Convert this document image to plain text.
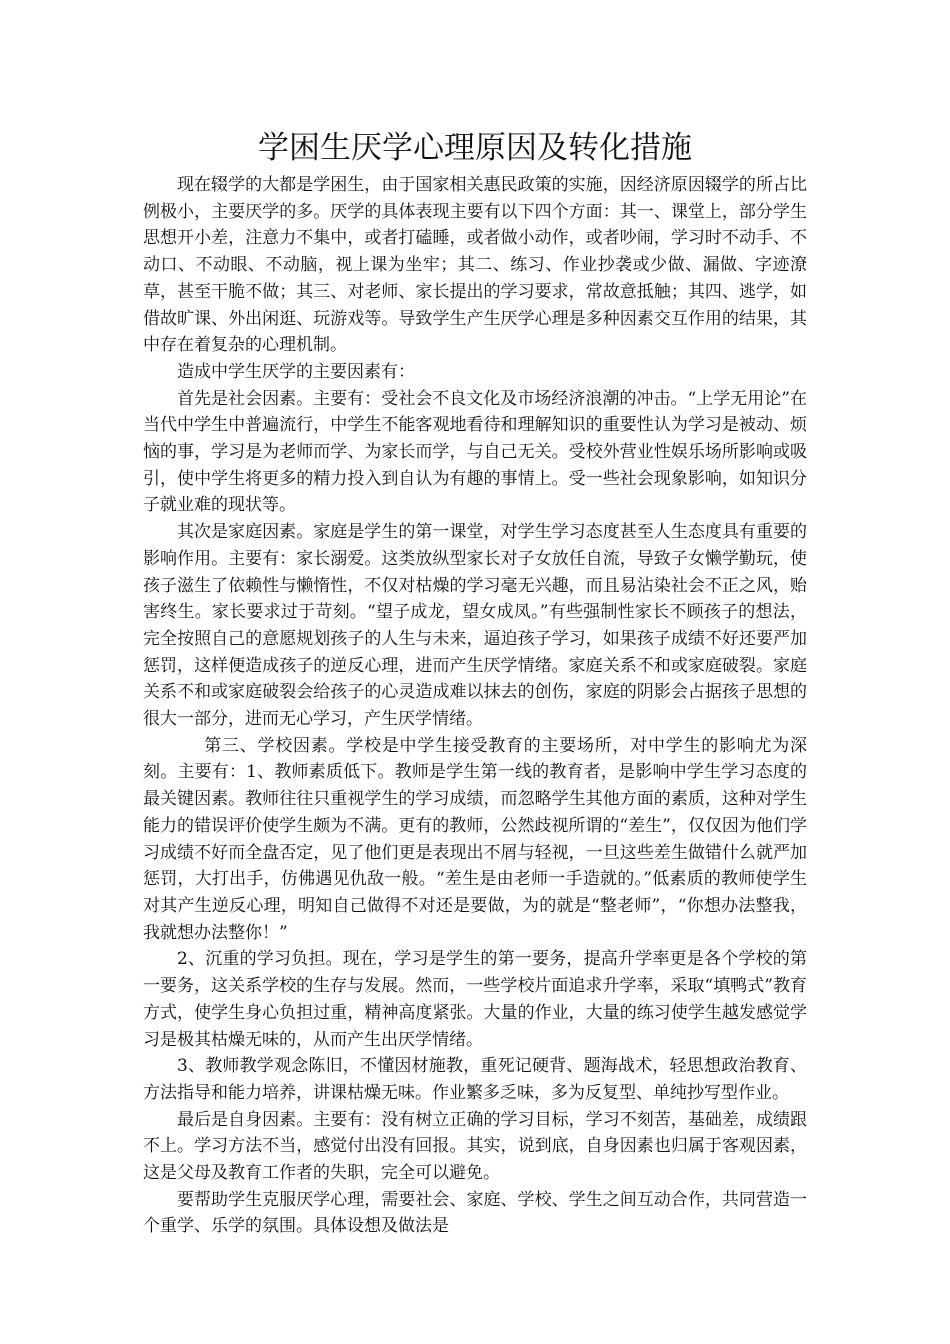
学困生厌学心理原因及转化措施

现在辍学的大都是学困生，由于国家相关惠民政策的实施，因经济原因辍学的所占比例极小，主要厌学的多。厌学的具体表现主要有以下四个方面：其一、课堂上，部分学生思想开小差，注意力不集中，或者打磕睡，或者做小动作，或者吵闹，学习时不动手、不动口、不动眼、不动脑，视上课为坐牢；其二、练习、作业抄袭或少做、漏做、字迹潦草，甚至干脆不做；其三、对老师、家长提出的学习要求，常故意抵触；其四、逃学，如借故旷课、外出闲逛、玩游戏等。导致学生产生厌学心理是多种因素交互作用的结果，其中存在着复杂的心理机制。

造成中学生厌学的主要因素有：

首先是社会因素。主要有：受社会不良文化及市场经济浪潮的冲击。“上学无用论”在当代中学生中普遍流行，中学生不能客观地看待和理解知识的重要性认为学习是被动、烦恼的事，学习是为老师而学、为家长而学，与自己无关。受校外营业性娱乐场所影响或吸引，使中学生将更多的精力投入到自认为有趣的事情上。受一些社会现象影响，如知识分子就业难的现状等。

其次是家庭因素。家庭是学生的第一课堂，对学生学习态度甚至人生态度具有重要的影响作用。主要有：家长溺爱。这类放纵型家长对子女放任自流，导致子女懒学勤玩，使孩子滋生了依赖性与懒惰性，不仅对枯燥的学习毫无兴趣，而且易沾染社会不正之风，贻害终生。家长要求过于苛刻。“望子成龙，望女成凤。”有些强制性家长不顾孩子的想法，完全按照自己的意愿规划孩子的人生与未来，逼迫孩子学习，如果孩子成绩不好还要严加惩罚，这样便造成孩子的逆反心理，进而产生厌学情绪。家庭关系不和或家庭破裂。家庭关系不和或家庭破裂会给孩子的心灵造成难以抹去的创伤，家庭的阴影会占据孩子思想的很大一部分，进而无心学习，产生厌学情绪。

第三、学校因素。学校是中学生接受教育的主要场所，对中学生的影响尤为深刻。主要有：1、教师素质低下。教师是学生第一线的教育者，是影响中学生学习态度的最关键因素。教师往往只重视学生的学习成绩，而忽略学生其他方面的素质，这种对学生能力的错误评价使学生颇为不满。更有的教师，公然歧视所谓的“差生”，仅仅因为他们学习成绩不好而全盘否定，见了他们更是表现出不屑与轻视，一旦这些差生做错什么就严加惩罚，大打出手，仿佛遇见仇敌一般。“差生是由老师一手造就的。”低素质的教师使学生对其产生逆反心理，明知自己做得不对还是要做，为的就是“整老师”，“你想办法整我，我就想办法整你！”

2、沉重的学习负担。现在，学习是学生的第一要务，提高升学率更是各个学校的第一要务，这关系学校的生存与发展。然而，一些学校片面追求升学率，采取“填鸭式”教育方式，使学生身心负担过重，精神高度紧张。大量的作业，大量的练习使学生越发感觉学习是极其枯燥无味的，从而产生出厌学情绪。

3、教师教学观念陈旧，不懂因材施教，重死记硬背、题海战术，轻思想政治教育、方法指导和能力培养，讲课枯燥无味。作业繁多乏味，多为反复型、单纯抄写型作业。

最后是自身因素。主要有：没有树立正确的学习目标，学习不刻苦，基础差，成绩跟不上。学习方法不当，感觉付出没有回报。其实，说到底，自身因素也归属于客观因素，这是父母及教育工作者的失职，完全可以避免。

要帮助学生克服厌学心理，需要社会、家庭、学校、学生之间互动合作，共同营造一个重学、乐学的氛围。具体设想及做法是
